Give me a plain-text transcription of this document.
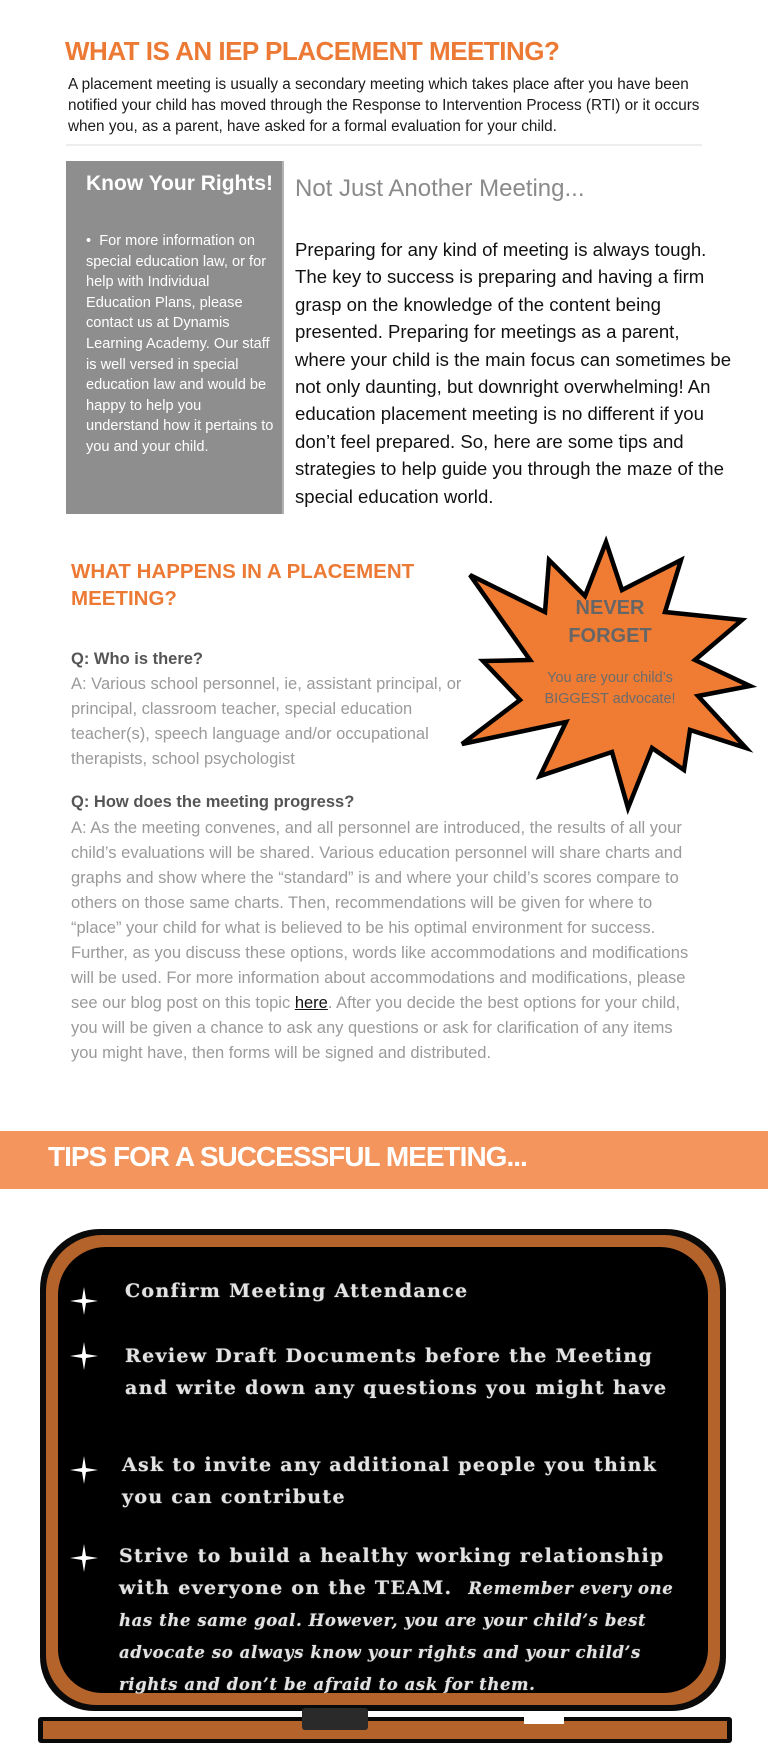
WHAT IS AN IEP PLACEMENT MEETING?
A placement meeting is usually a secondary meeting which takes place after you have been notified your child has moved through the Response to Intervention Process (RTI) or it occurs when you, as a parent, have asked for a formal evaluation for your child.
Know Your Rights!
• For more information on special education law, or for help with Individual Education Plans, please contact us at Dynamis Learning Academy. Our staff is well versed in special education law and would be happy to help you understand how it pertains to you and your child.
Not Just Another Meeting...
Preparing for any kind of meeting is always tough. The key to success is preparing and having a firm grasp on the knowledge of the content being presented. Preparing for meetings as a parent, where your child is the main focus can sometimes be not only daunting, but downright overwhelming! An education placement meeting is no different if you don’t feel prepared. So, here are some tips and strategies to help guide you through the maze of the special education world.
WHAT HAPPENS IN A PLACEMENT MEETING?
Q: Who is there?
A: Various school personnel, ie, assistant principal, or principal, classroom teacher, special education teacher(s), speech language and/or occupational therapists, school psychologist
Q: How does the meeting progress?
A: As the meeting convenes, and all personnel are introduced, the results of all your child’s evaluations will be shared. Various education personnel will share charts and graphs and show where the “standard” is and where your child’s scores compare to others on those same charts. Then, recommendations will be given for where to “place” your child for what is believed to be his optimal environment for success. Further, as you discuss these options, words like accommodations and modifications will be used. For more information about accommodations and modifications, please see our blog post on this topic here. After you decide the best options for your child, you will be given a chance to ask any questions or ask for clarification of any items you might have, then forms will be signed and distributed.
NEVER FORGET
You are your child’s BIGGEST advocate!
TIPS FOR A SUCCESSFUL MEETING...
Confirm Meeting Attendance
Review Draft Documents before the Meeting and write down any questions you might have
Ask to invite any additional people you think you can contribute
Strive to build a healthy working relationship with everyone on the TEAM. Remember every one has the same goal. However, you are your child’s best advocate so always know your rights and your child’s rights and don’t be afraid to ask for them.
